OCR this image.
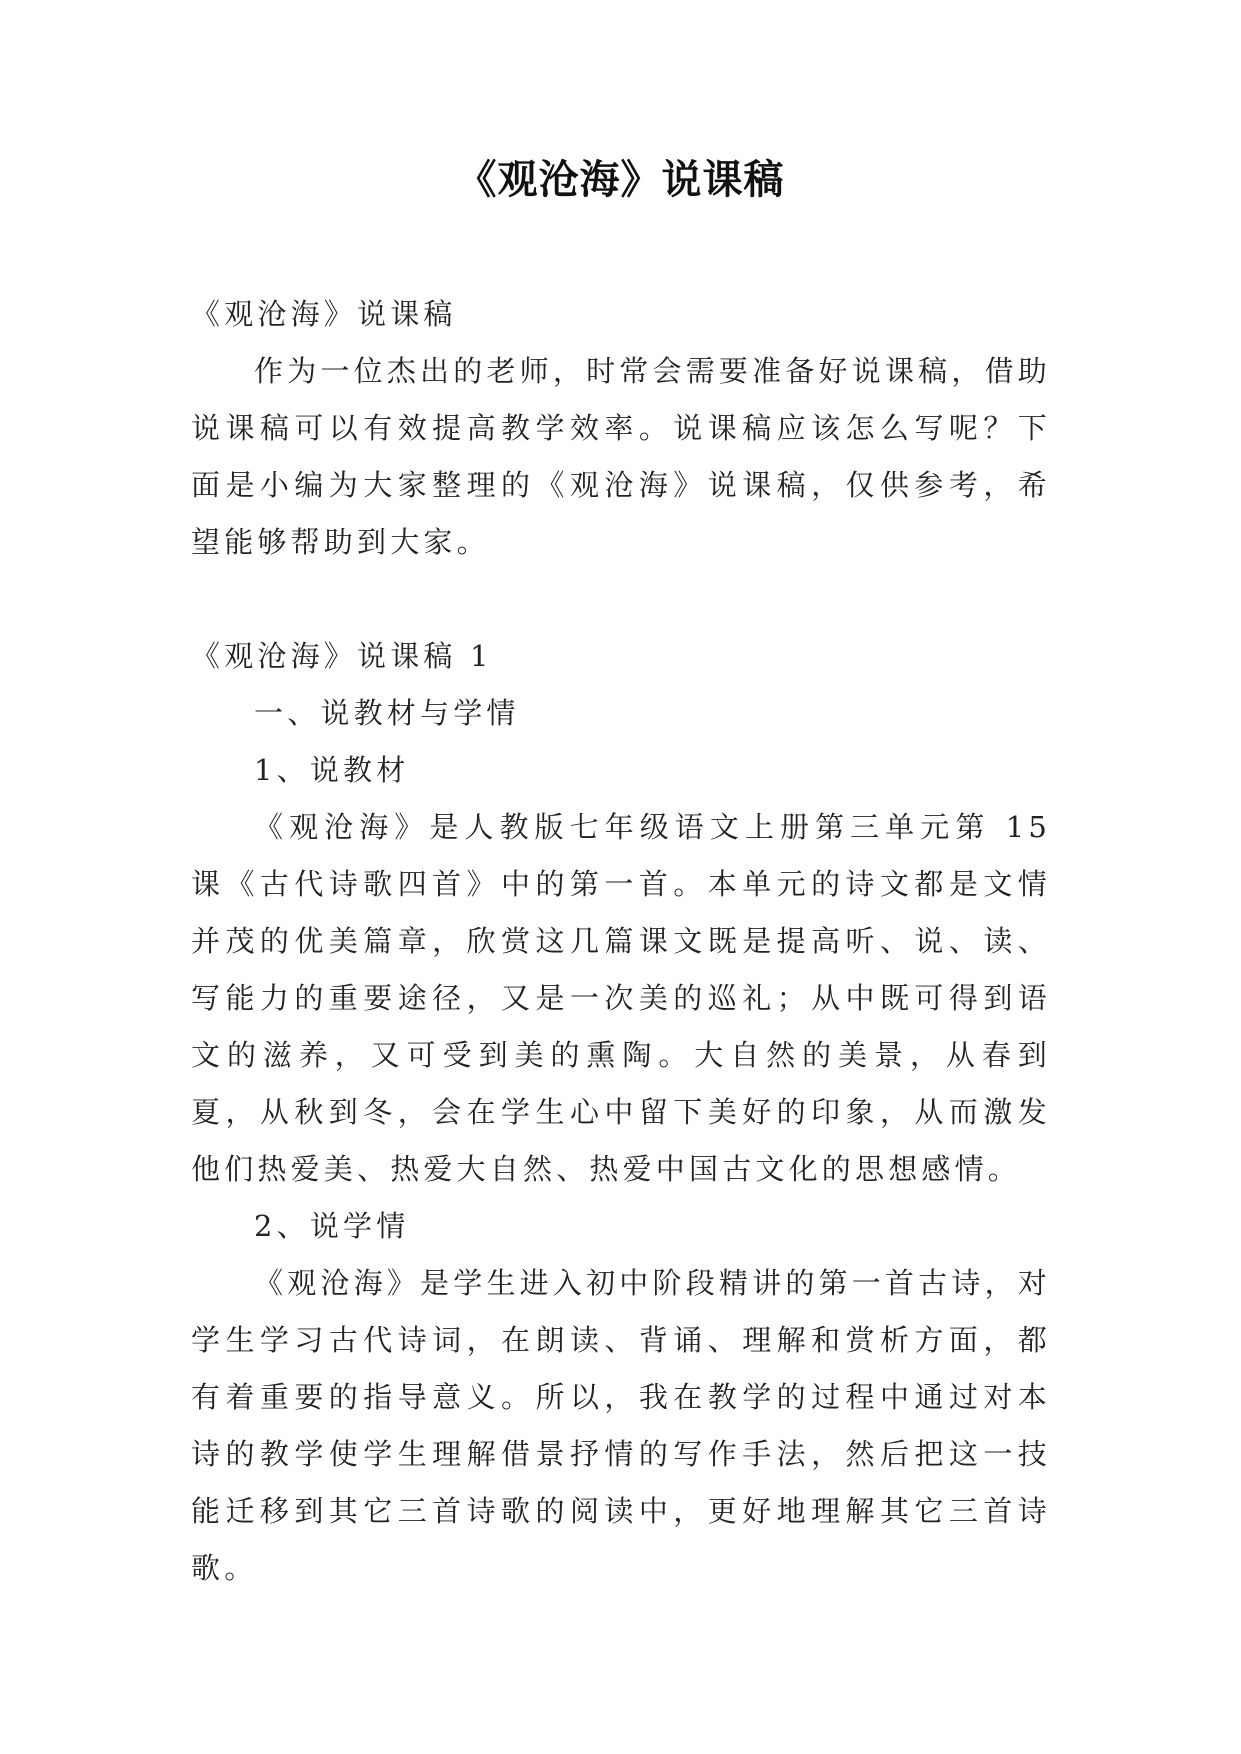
《观沧海》说课稿

《观沧海》说课稿

作为一位杰出的老师，时常会需要准备好说课稿，借助说课稿可以有效提高教学效率。说课稿应该怎么写呢？下面是小编为大家整理的《观沧海》说课稿，仅供参考，希望能够帮助到大家。

《观沧海》说课稿 1

一、说教材与学情

1、说教材

《观沧海》是人教版七年级语文上册第三单元第 15 课《古代诗歌四首》中的第一首。本单元的诗文都是文情并茂的优美篇章，欣赏这几篇课文既是提高听、说、读、写能力的重要途径，又是一次美的巡礼；从中既可得到语文的滋养，又可受到美的熏陶。大自然的美景，从春到夏，从秋到冬，会在学生心中留下美好的印象，从而激发他们热爱美、热爱大自然、热爱中国古文化的思想感情。

2、说学情

《观沧海》是学生进入初中阶段精讲的第一首古诗，对学生学习古代诗词，在朗读、背诵、理解和赏析方面，都有着重要的指导意义。所以，我在教学的过程中通过对本诗的教学使学生理解借景抒情的写作手法，然后把这一技能迁移到其它三首诗歌的阅读中，更好地理解其它三首诗歌。
